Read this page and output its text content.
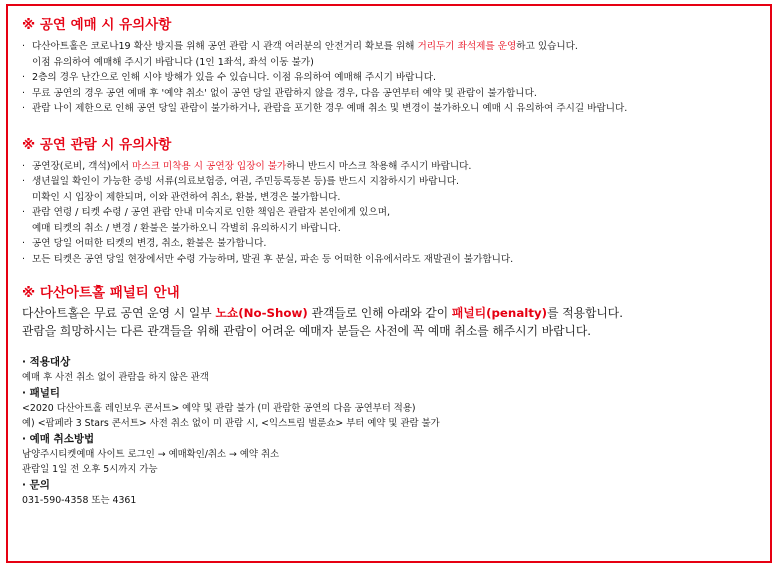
※ 공연 예매 시 유의사항
· 다산아트홀은 코로나19 확산 방지를 위해 공연 관람 시 관객 여러분의 안전거리 확보를 위해 거리두기 좌석제를 운영하고 있습니다.
이점 유의하여 예매해 주시기 바랍니다 (1인 1좌석, 좌석 이동 불가)
· 2층의 경우 난간으로 인해 시야 방해가 있을 수 있습니다. 이점 유의하여 예매해 주시기 바랍니다.
· 무료 공연의 경우 공연 예매 후 '예약 취소' 없이 공연 당일 관람하지 않을 경우, 다음 공연부터 예약 및 관람이 불가합니다.
· 관람 나이 제한으로 인해 공연 당일 관람이 불가하거나, 관람을 포기한 경우 예매 취소 및 변경이 불가하오니 예매 시 유의하여 주시길 바랍니다.
※ 공연 관람 시 유의사항
· 공연장(로비, 객석)에서 마스크 미착용 시 공연장 입장이 불가하니 반드시 마스크 착용해 주시기 바랍니다.
· 생년월일 확인이 가능한 증빙 서류(의료보험증, 여권, 주민등록등본 등)를 반드시 지참하시기 바랍니다.
미확인 시 입장이 제한되며, 이와 관련하여 취소, 환불, 변경은 불가합니다.
· 관람 연령 / 티켓 수령 / 공연 관람 안내 미숙지로 인한 책임은 관람자 본인에게 있으며,
예매 티켓의 취소 / 변경 / 환불은 불가하오니 각별히 유의하시기 바랍니다.
· 공연 당일 어떠한 티켓의 변경, 취소, 환불은 불가합니다.
· 모든 티켓은 공연 당일 현장에서만 수령 가능하며, 발권 후 분실, 파손 등 어떠한 이유에서라도 재발권이 불가합니다.
※ 다산아트홀 패널티 안내
다산아트홀은 무료 공연 운영 시 일부 노쇼(No-Show) 관객들로 인해 아래와 같이 패널티(penalty)를 적용합니다.
관람을 희망하시는 다른 관객들을 위해 관람이 어려운 예매자 분들은 사전에 꼭 예매 취소를 해주시기 바랍니다.
· 적용대상
예매 후 사전 취소 없이 관람을 하지 않은 관객
· 패널티
<2020 다산아트홀 레인보우 콘서트> 예약 및 관람 불가 (미 관람한 공연의 다음 공연부터 적용)
예) <팝페라 3 Stars 콘서트> 사전 취소 없이 미 관람 시, <익스트림 벌룬쇼> 부터 예약 및 관람 불가
· 예매 취소방법
남양주시티켓예매 사이트 로그인 → 예매확인/취소 → 예약 취소
관람일 1일 전 오후 5시까지 가능
· 문의
031-590-4358 또는 4361
